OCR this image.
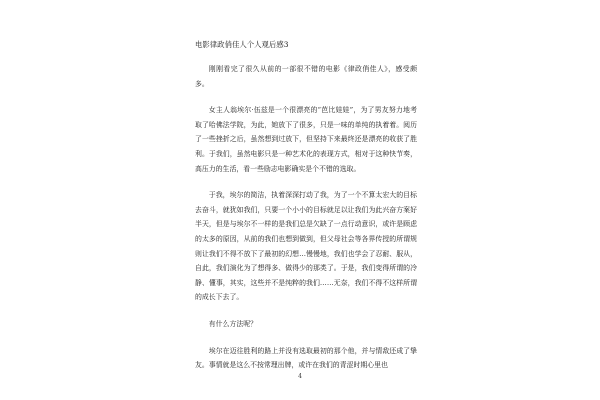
电影律政俏佳人个人观后感3

刚刚看完了很久从前的一部很不错的电影《律政俏佳人》，感受颇多。

女主人翁埃尔·伍兹是一个很漂亮的“芭比娃娃”，为了男友努力地考取了哈佛法学院，为此，她放下了很多，只是一味的单纯的执着着。阅历了一些挫折之后，虽然想到过放下，但坚持下来最终还是漂亮的收获了胜利。于我们，虽然电影只是一种艺术化的表现方式，相对于这种快节奏，高压力的生活，看一些励志电影确实是个不错的选取。

于我，埃尔的简洁，执着深深打动了我，为了一个不算太宏大的目标去奋斗，就犹如我们，只要一个小小的目标就足以让我们为此兴奋方案好半天，但是与埃尔不一样的是我们总是欠缺了一点行动意识，或许是顾虑的太多的原因，从前的我们也想到做到，但父母社会等各界传授的所谓规则让我们不得不放下了最初的幻想…慢慢地，我们也学会了忍耐、服从，自此，我们演化为了想得多、做得少的那类了。于是，我们变得所谓的冷静、懂事，其实，这些并不是纯粹的我们……无奈，我们不得不这样所谓的成长下去了。

有什么方法呢？

埃尔在迈往胜利的路上并没有选取最初的那个他，并与情敌还成了挚友。事情就是这么不按常理出牌，或许在我们的青涩时期心里也

4
